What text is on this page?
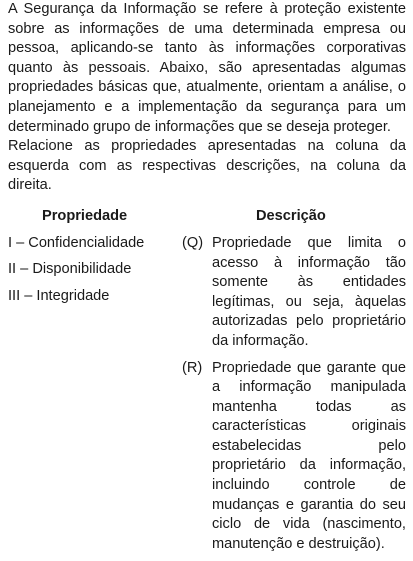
A Segurança da Informação se refere à proteção existente sobre as informações de uma determinada empresa ou pessoa, aplicando-se tanto às informações corporativas quanto às pessoais. Abaixo, são apresentadas algumas propriedades básicas que, atualmente, orientam a análise, o planejamento e a implementação da segurança para um determinado grupo de informações que se deseja proteger.

Relacione as propriedades apresentadas na coluna da esquerda com as respectivas descrições, na coluna da direita.

Propriedade	Descrição
I – Confidencialidade
II – Disponibilidade
III – Integridade
(Q) Propriedade que limita o acesso à informação tão somente às entidades legítimas, ou seja, àquelas autorizadas pelo proprietário da informação.
(R) Propriedade que garante que a informação manipulada mantenha todas as características originais estabelecidas pelo proprietário da informação, incluindo controle de mudanças e garantia do seu ciclo de vida (nascimento, manutenção e destruição).
